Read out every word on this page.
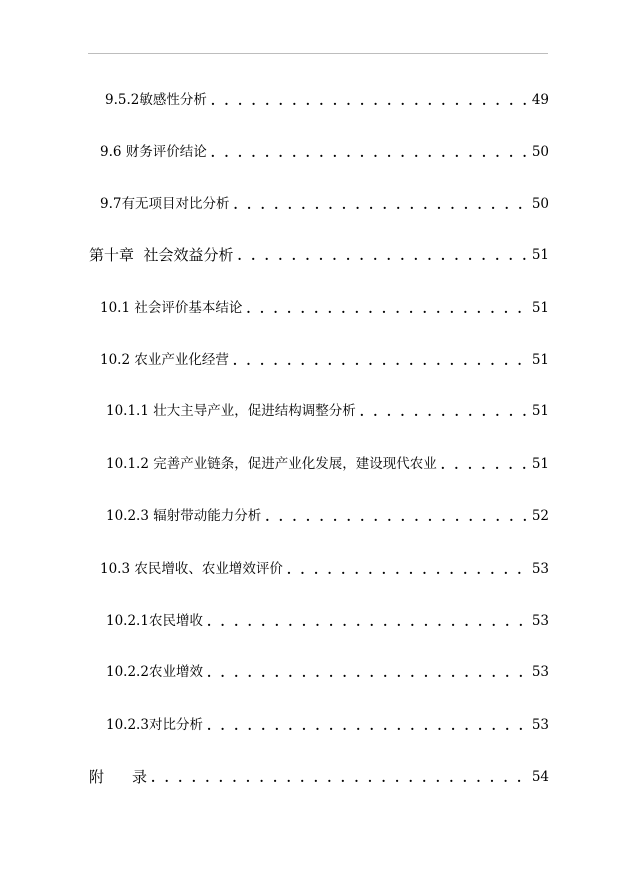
9.5.2敏感性分析 . . .	49
9.6 财务评价结论 . . .	50
9.7有无项目对比分析 . . .	50
第十章  社会效益分析 . . .	51
10.1 社会评价基本结论 . . .	51
10.2 农业产业化经营 . . .	51
10.1.1 壮大主导产业，促进结构调整分析 . . .	51
10.1.2 完善产业链条，促进产业化发展，建设现代农业 . . .	51
10.2.3 辐射带动能力分析 . . .	52
10.3 农民增收、农业增效评价 . . .	53
10.2.1农民增收 . . .	53
10.2.2农业增效 . . .	53
10.2.3对比分析 . . .	53
附 录 . . .	54
